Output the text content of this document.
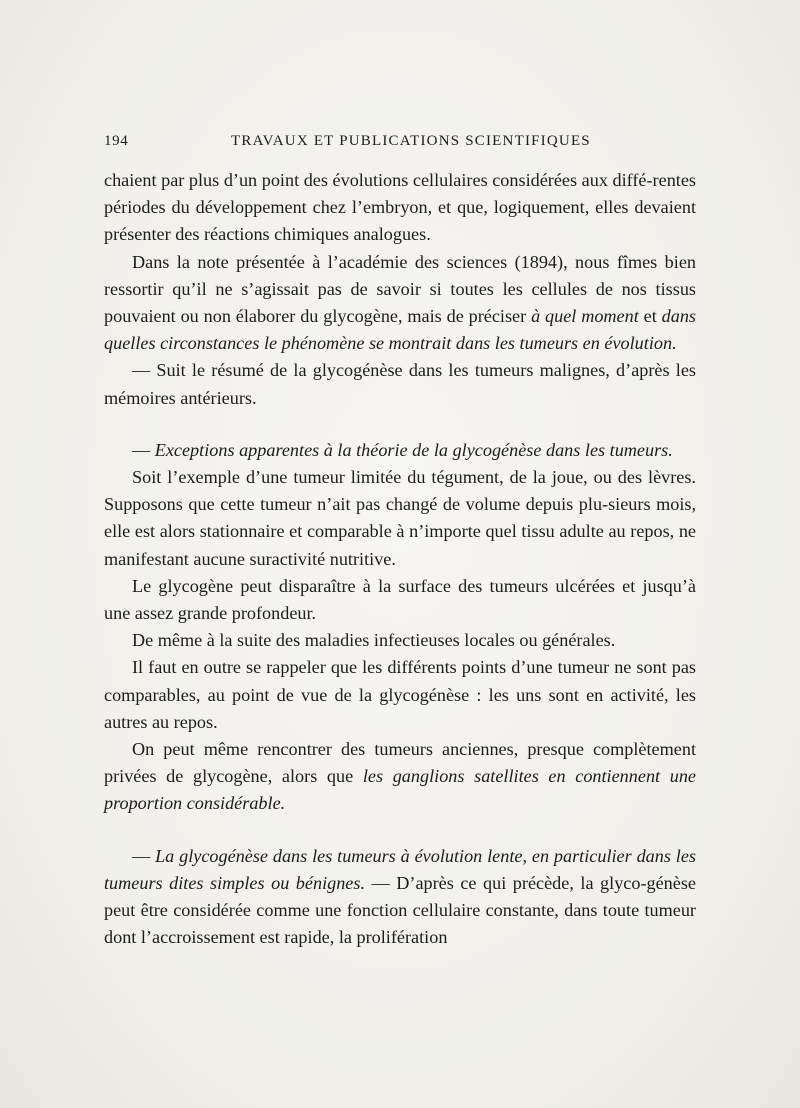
194	TRAVAUX ET PUBLICATIONS SCIENTIFIQUES

chaient par plus d’un point des évolutions cellulaires considérées aux diffé-rentes périodes du développement chez l’embryon, et que, logiquement, elles devaient présenter des réactions chimiques analogues.

Dans la note présentée à l’académie des sciences (1894), nous fîmes bien ressortir qu’il ne s’agissait pas de savoir si toutes les cellules de nos tissus pouvaient ou non élaborer du glycogène, mais de préciser à quel moment et dans quelles circonstances le phénomène se montrait dans les tumeurs en évolution.

— Suit le résumé de la glycogénèse dans les tumeurs malignes, d’après les mémoires antérieurs.

— Exceptions apparentes à la théorie de la glycogénèse dans les tumeurs.

Soit l’exemple d’une tumeur limitée du tégument, de la joue, ou des lèvres. Supposons que cette tumeur n’ait pas changé de volume depuis plu-sieurs mois, elle est alors stationnaire et comparable à n’importe quel tissu adulte au repos, ne manifestant aucune suractivité nutritive.

Le glycogène peut disparaître à la surface des tumeurs ulcérées et jusqu’à une assez grande profondeur.

De même à la suite des maladies infectieuses locales ou générales.

Il faut en outre se rappeler que les différents points d’une tumeur ne sont pas comparables, au point de vue de la glycogénèse : les uns sont en activité, les autres au repos.

On peut même rencontrer des tumeurs anciennes, presque complètement privées de glycogène, alors que les ganglions satellites en contiennent une proportion considérable.

— La glycogénèse dans les tumeurs à évolution lente, en particulier dans les tumeurs dites simples ou bénignes. — D’après ce qui précède, la glyco-génèse peut être considérée comme une fonction cellulaire constante, dans toute tumeur dont l’accroissement est rapide, la prolifération
